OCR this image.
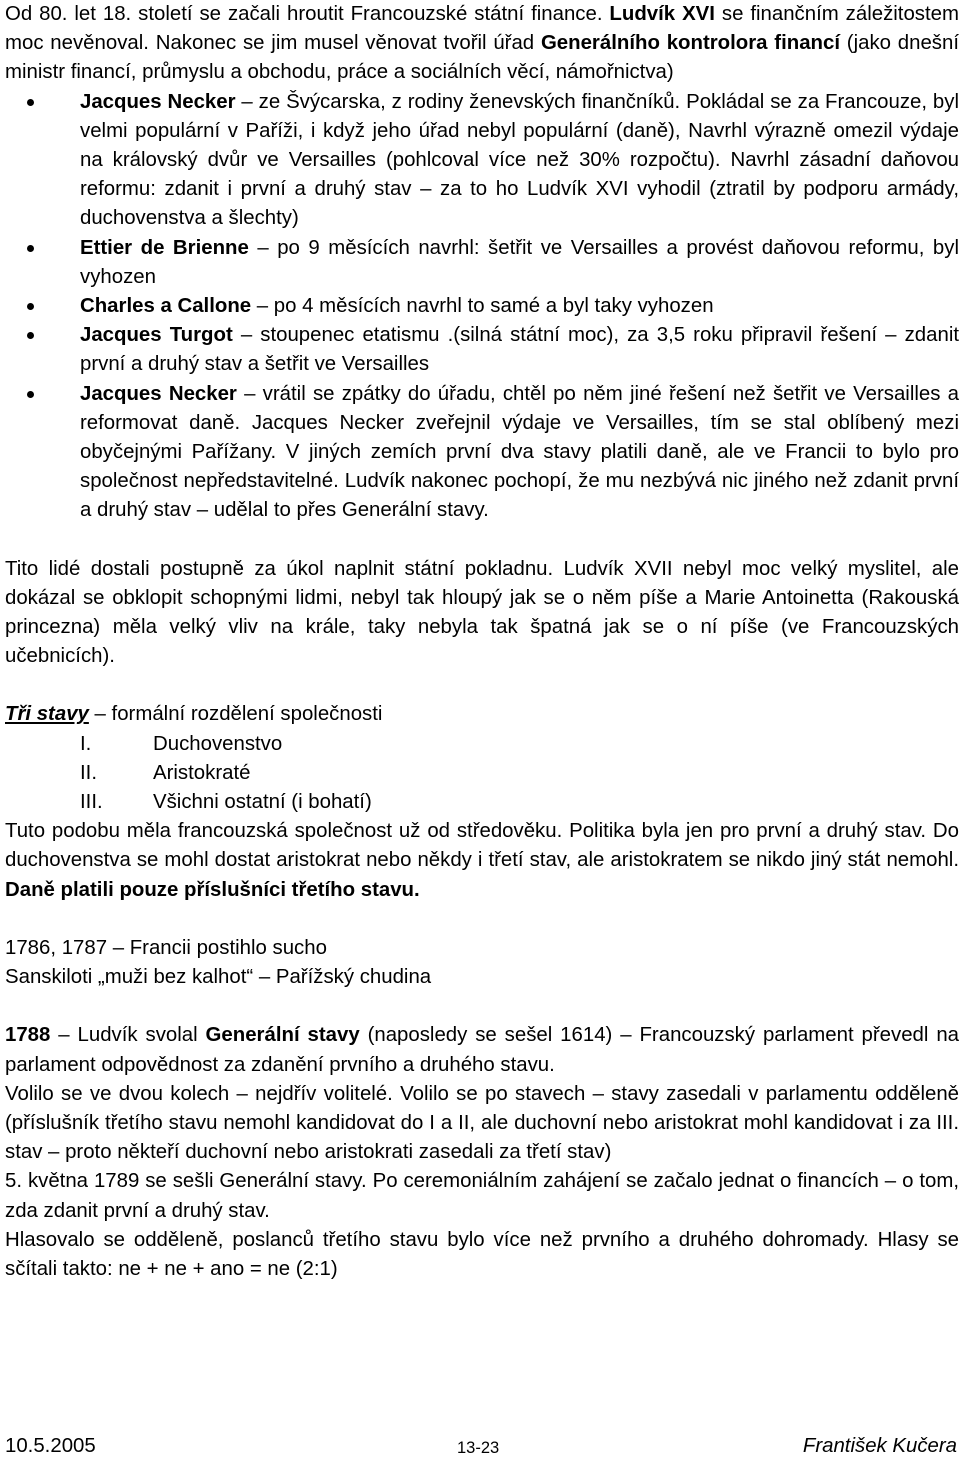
Od 80. let 18. století se začali hroutit Francouzské státní finance. Ludvík XVI se finančním záležitostem moc nevěnoval. Nakonec se jim musel věnovat tvořil úřad Generálního kontrolora financí (jako dnešní ministr financí, průmyslu a obchodu, práce a sociálních věcí, námořnictva)

Jacques Necker – ze Švýcarska, z rodiny ženevských finančníků. Pokládal se za Francouze, byl velmi populární v Paříži, i když jeho úřad nebyl populární (daně), Navrhl výrazně omezil výdaje na královský dvůr ve Versailles (pohlcoval více než 30% rozpočtu). Navrhl zásadní daňovou reformu: zdanit i první a druhý stav – za to ho Ludvík XVI vyhodil (ztratil by podporu armády, duchovenstva a šlechty)
Ettier de Brienne – po 9 měsících navrhl: šetřit ve Versailles a provést daňovou reformu, byl vyhozen
Charles a Callone – po 4 měsících navrhl to samé a byl taky vyhozen
Jacques Turgot – stoupenec etatismu .(silná státní moc), za 3,5 roku připravil řešení – zdanit první a druhý stav a šetřit ve Versailles
Jacques Necker – vrátil se zpátky do úřadu, chtěl po něm jiné řešení než šetřit ve Versailles a reformovat daně. Jacques Necker zveřejnil výdaje ve Versailles, tím se stal oblíbený mezi obyčejnými Pařížany. V jiných zemích první dva stavy platili daně, ale ve Francii to bylo pro společnost nepředstavitelné. Ludvík nakonec pochopí, že mu nezbývá nic jiného než zdanit první a druhý stav – udělal to přes Generální stavy.

Tito lidé dostali postupně za úkol naplnit státní pokladnu. Ludvík XVII nebyl moc velký myslitel, ale dokázal se obklopit schopnými lidmi, nebyl tak hloupý jak se o něm píše a Marie Antoinetta (Rakouská princezna) měla velký vliv na krále, taky nebyla tak špatná jak se o ní píše (ve Francouzských učebnicích).

Tři stavy – formální rozdělení společnosti

I.	Duchovenstvo
II.	Aristokraté
III. Všichni ostatní (i bohatí)

Tuto podobu měla francouzská společnost už od středověku. Politika byla jen pro první a druhý stav. Do duchovenstva se mohl dostat aristokrat nebo někdy i třetí stav, ale aristokratem se nikdo jiný stát nemohl. Daně platili pouze příslušníci třetího stavu.

1786, 1787 – Francii postihlo sucho

Sanskiloti „muži bez kalhot“ – Pařížský chudina

1788 – Ludvík svolal Generální stavy (naposledy se sešel 1614) – Francouzský parlament převedl na parlament odpovědnost za zdanění prvního a druhého stavu.

Volilo se ve dvou kolech – nejdřív volitelé. Volilo se po stavech – stavy zasedali v parlamentu odděleně (příslušník třetího stavu nemohl kandidovat do I a II, ale duchovní nebo aristokrat mohl kandidovat i za III. stav – proto někteří duchovní nebo aristokrati zasedali za třetí stav)

5. května 1789 se sešli Generální stavy. Po ceremoniálním zahájení se začalo jednat o financích – o tom, zda zdanit první a druhý stav.

Hlasovalo se odděleně, poslanců třetího stavu bylo více než prvního a druhého dohromady. Hlasy se sčítali takto: ne + ne + ano = ne (2:1)

10.5.2005	13-23	František Kučera
